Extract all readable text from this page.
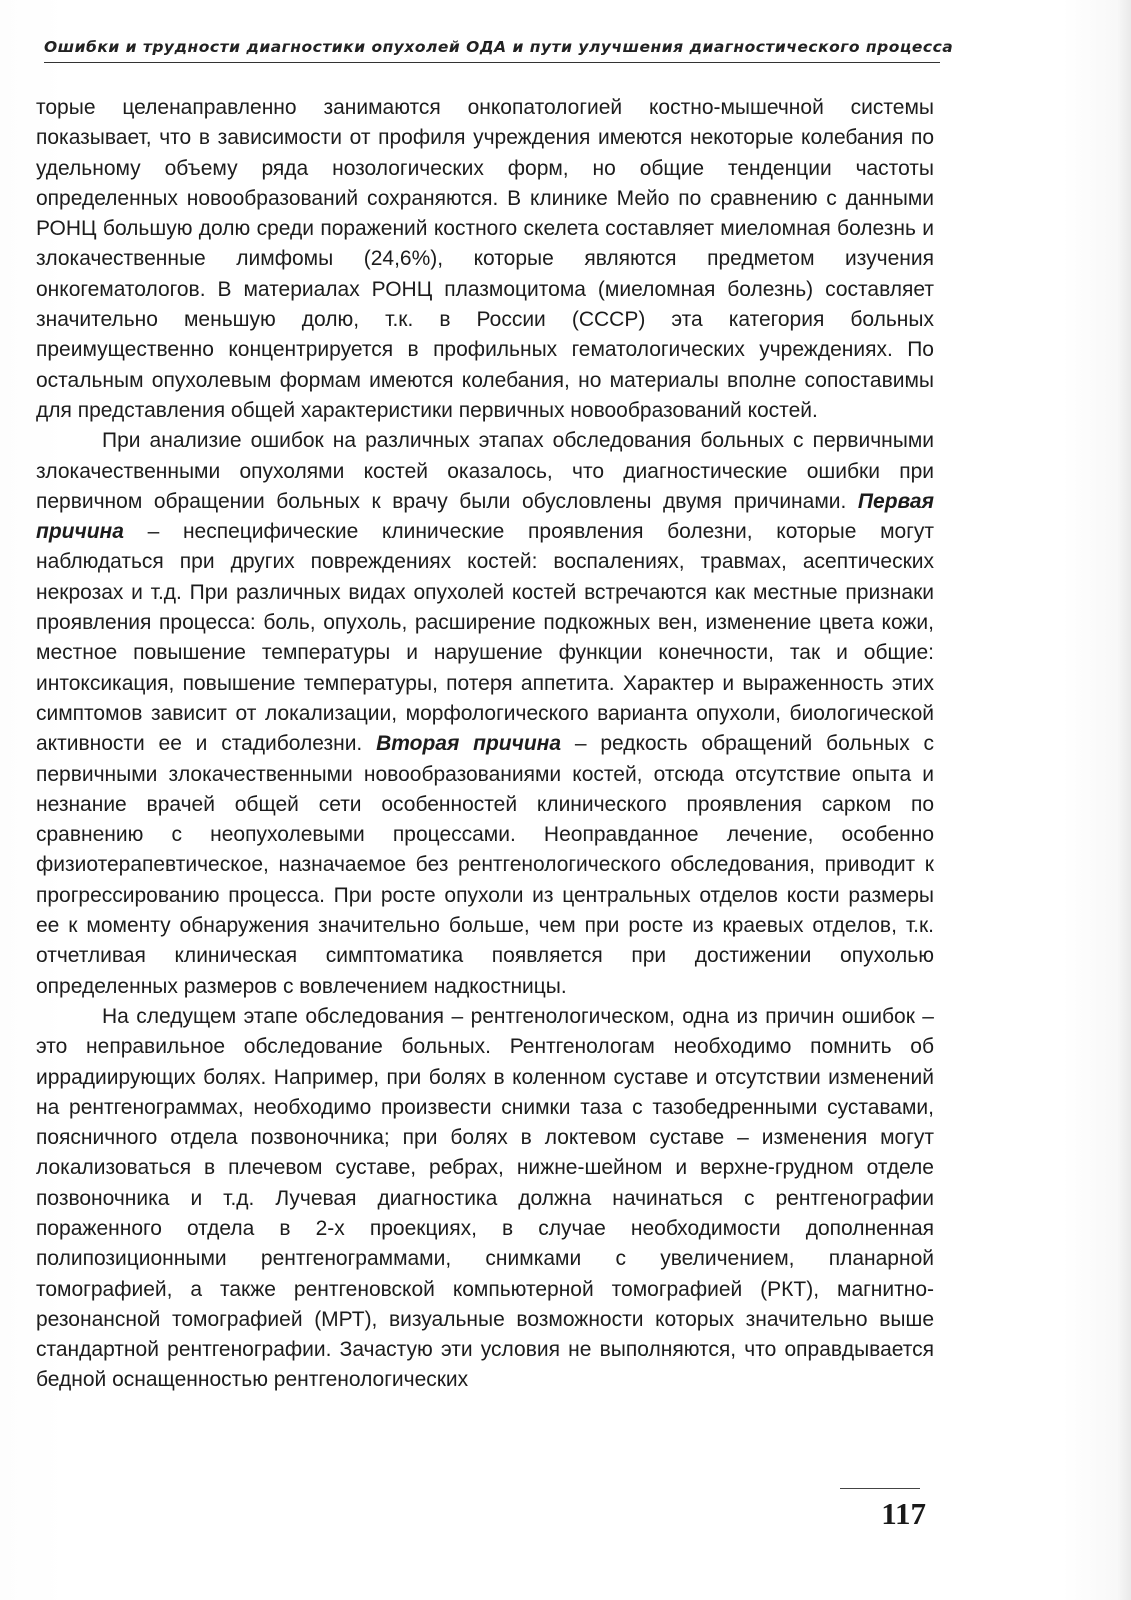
Ошибки и трудности диагностики опухолей ОДА и пути улучшения диагностического процесса

торые целенаправленно занимаются онкопатологией костно-мышечной системы показывает, что в зависимости от профиля учреждения имеются некоторые колебания по удельному объему ряда нозологических форм, но общие тенденции частоты определенных новообразований сохраняются. В клинике Мейо по сравнению с данными РОНЦ большую долю среди поражений костного скелета составляет миеломная болезнь и злокачественные лимфомы (24,6%), которые являются предметом изучения онкогематологов. В материалах РОНЦ плазмоцитома (миеломная болезнь) составляет значительно меньшую долю, т.к. в России (СССР) эта категория больных преимущественно концентрируется в профильных гематологических учреждениях. По остальным опухолевым формам имеются колебания, но материалы вполне сопоставимы для представления общей характеристики первичных новообразований костей.

При анализие ошибок на различных этапах обследования больных с первичными злокачественными опухолями костей оказалось, что диагностические ошибки при первичном обращении больных к врачу были обусловлены двумя причинами. Первая причина – неспецифические клинические проявления болезни, которые могут наблюдаться при других повреждениях костей: воспалениях, травмах, асептических некрозах и т.д. При различных видах опухолей костей встречаются как местные признаки проявления процесса: боль, опухоль, расширение подкожных вен, изменение цвета кожи, местное повышение температуры и нарушение функции конечности, так и общие: интоксикация, повышение температуры, потеря аппетита. Характер и выраженность этих симптомов зависит от локализации, морфологического варианта опухоли, биологической активности ее и стадиболезни. Вторая причина – редкость обращений больных с первичными злокачественными новообразованиями костей, отсюда отсутствие опыта и незнание врачей общей сети особенностей клинического проявления сарком по сравнению с неопухолевыми процессами. Неоправданное лечение, особенно физиотерапевтическое, назначаемое без рентгенологического обследования, приводит к прогрессированию процесса. При росте опухоли из центральных отделов кости размеры ее к моменту обнаружения значительно больше, чем при росте из краевых отделов, т.к. отчетливая клиническая симптоматика появляется при достижении опухолью определенных размеров с вовлечением надкостницы.

На следущем этапе обследования – рентгенологическом, одна из причин ошибок – это неправильное обследование больных. Рентгенологам необходимо помнить об иррадиирующих болях. Например, при болях в коленном суставе и отсутствии изменений на рентгенограммах, необходимо произвести снимки таза с тазобедренными суставами, поясничного отдела позвоночника; при болях в локтевом суставе – изменения могут локализоваться в плечевом суставе, ребрах, нижне-шейном и верхне-грудном отделе позвоночника и т.д. Лучевая диагностика должна начинаться с рентгенографии пораженного отдела в 2-х проекциях, в случае необходимости дополненная полипозиционными рентгенограммами, снимками с увеличением, планарной томографией, а также рентгеновской компьютерной томографией (РКТ), магнитно-резонансной томографией (МРТ), визуальные возможности которых значительно выше стандартной рентгенографии. Зачастую эти условия не выполняются, что оправдывается бедной оснащенностью рентгенологических

117
